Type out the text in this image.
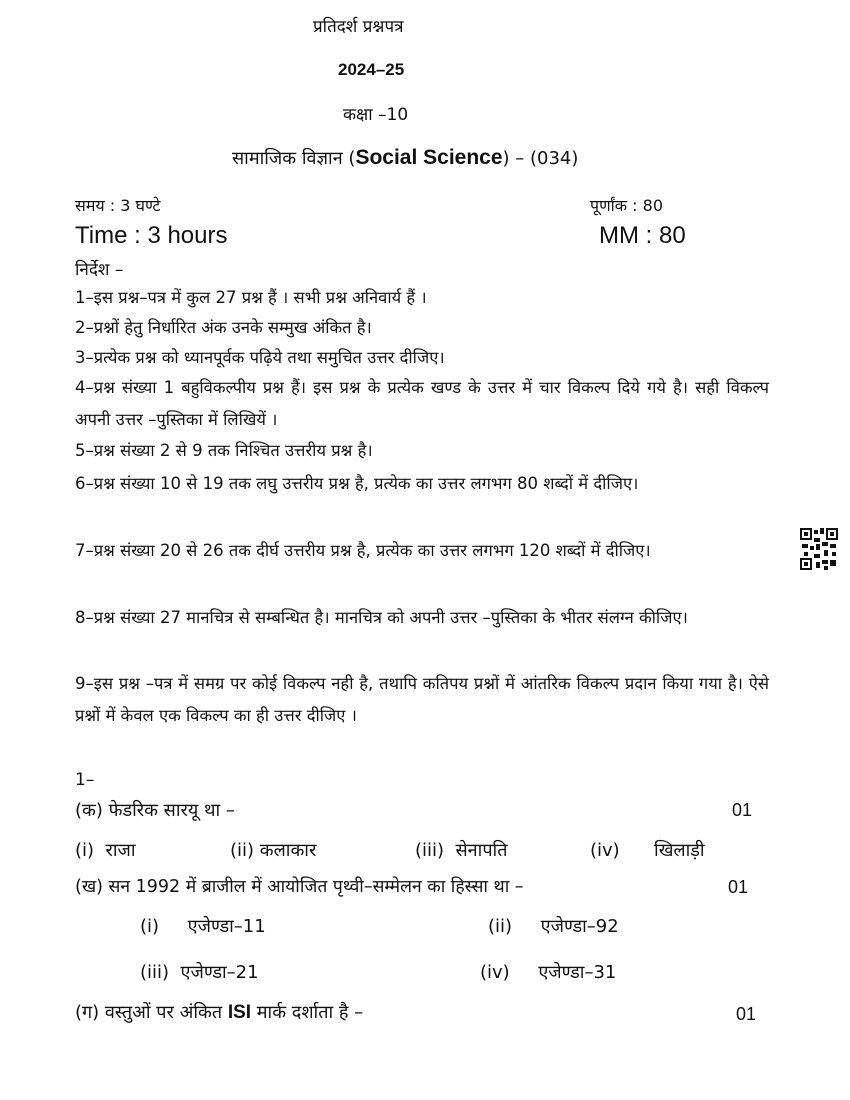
प्रतिदर्श प्रश्नपत्र
2024–25
कक्षा –10
सामाजिक विज्ञान (Social Science) – (034)
समय : 3 घण्टे	पूर्णांक : 80
Time : 3 hours	MM : 80
निर्देश –
1–इस प्रश्न–पत्र में कुल 27 प्रश्न हैं । सभी प्रश्न अनिवार्य हैं ।
2–प्रश्नों हेतु निर्धारित अंक उनके सम्मुख अंकित है।
3–प्रत्येक प्रश्न को ध्यानपूर्वक पढ़िये तथा समुचित उत्तर दीजिए।
4–प्रश्न संख्या 1 बहुविकल्पीय प्रश्न हैं। इस प्रश्न के प्रत्येक खण्ड के उत्तर में चार विकल्प दिये गये है। सही विकल्प अपनी उत्तर –पुस्तिका में लिखियें ।
5–प्रश्न संख्या 2 से 9 तक निश्चित उत्तरीय प्रश्न है।
6–प्रश्न संख्या 10 से 19 तक लघु उत्तरीय प्रश्न है, प्रत्येक का उत्तर लगभग 80 शब्दों में दीजिए।
7–प्रश्न संख्या 20 से 26 तक दीर्घ उत्तरीय प्रश्न है, प्रत्येक का उत्तर लगभग 120 शब्दों में दीजिए।
8–प्रश्न संख्या 27 मानचित्र से सम्बन्धित है। मानचित्र को अपनी उत्तर –पुस्तिका के भीतर संलग्न कीजिए।
9–इस प्रश्न –पत्र में समग्र पर कोई विकल्प नही है, तथापि कतिपय प्रश्नों में आंतरिक विकल्प प्रदान किया गया है। ऐसे प्रश्नों में केवल एक विकल्प का ही उत्तर दीजिए ।
1–
(क) फेडरिक सारयू था –	01
(i) राजा	(ii) कलाकार	(iii) सेनापति	(iv) खिलाड़ी
(ख) सन 1992 में ब्राजील में आयोजित पृथ्वी–सम्मेलन का हिस्सा था –	01
(i) एजेण्डा–11	(ii) एजेण्डा–92
(iii) एजेण्डा–21	(iv) एजेण्डा–31
(ग) वस्तुओं पर अंकित ISI मार्क दर्शाता है –	01
